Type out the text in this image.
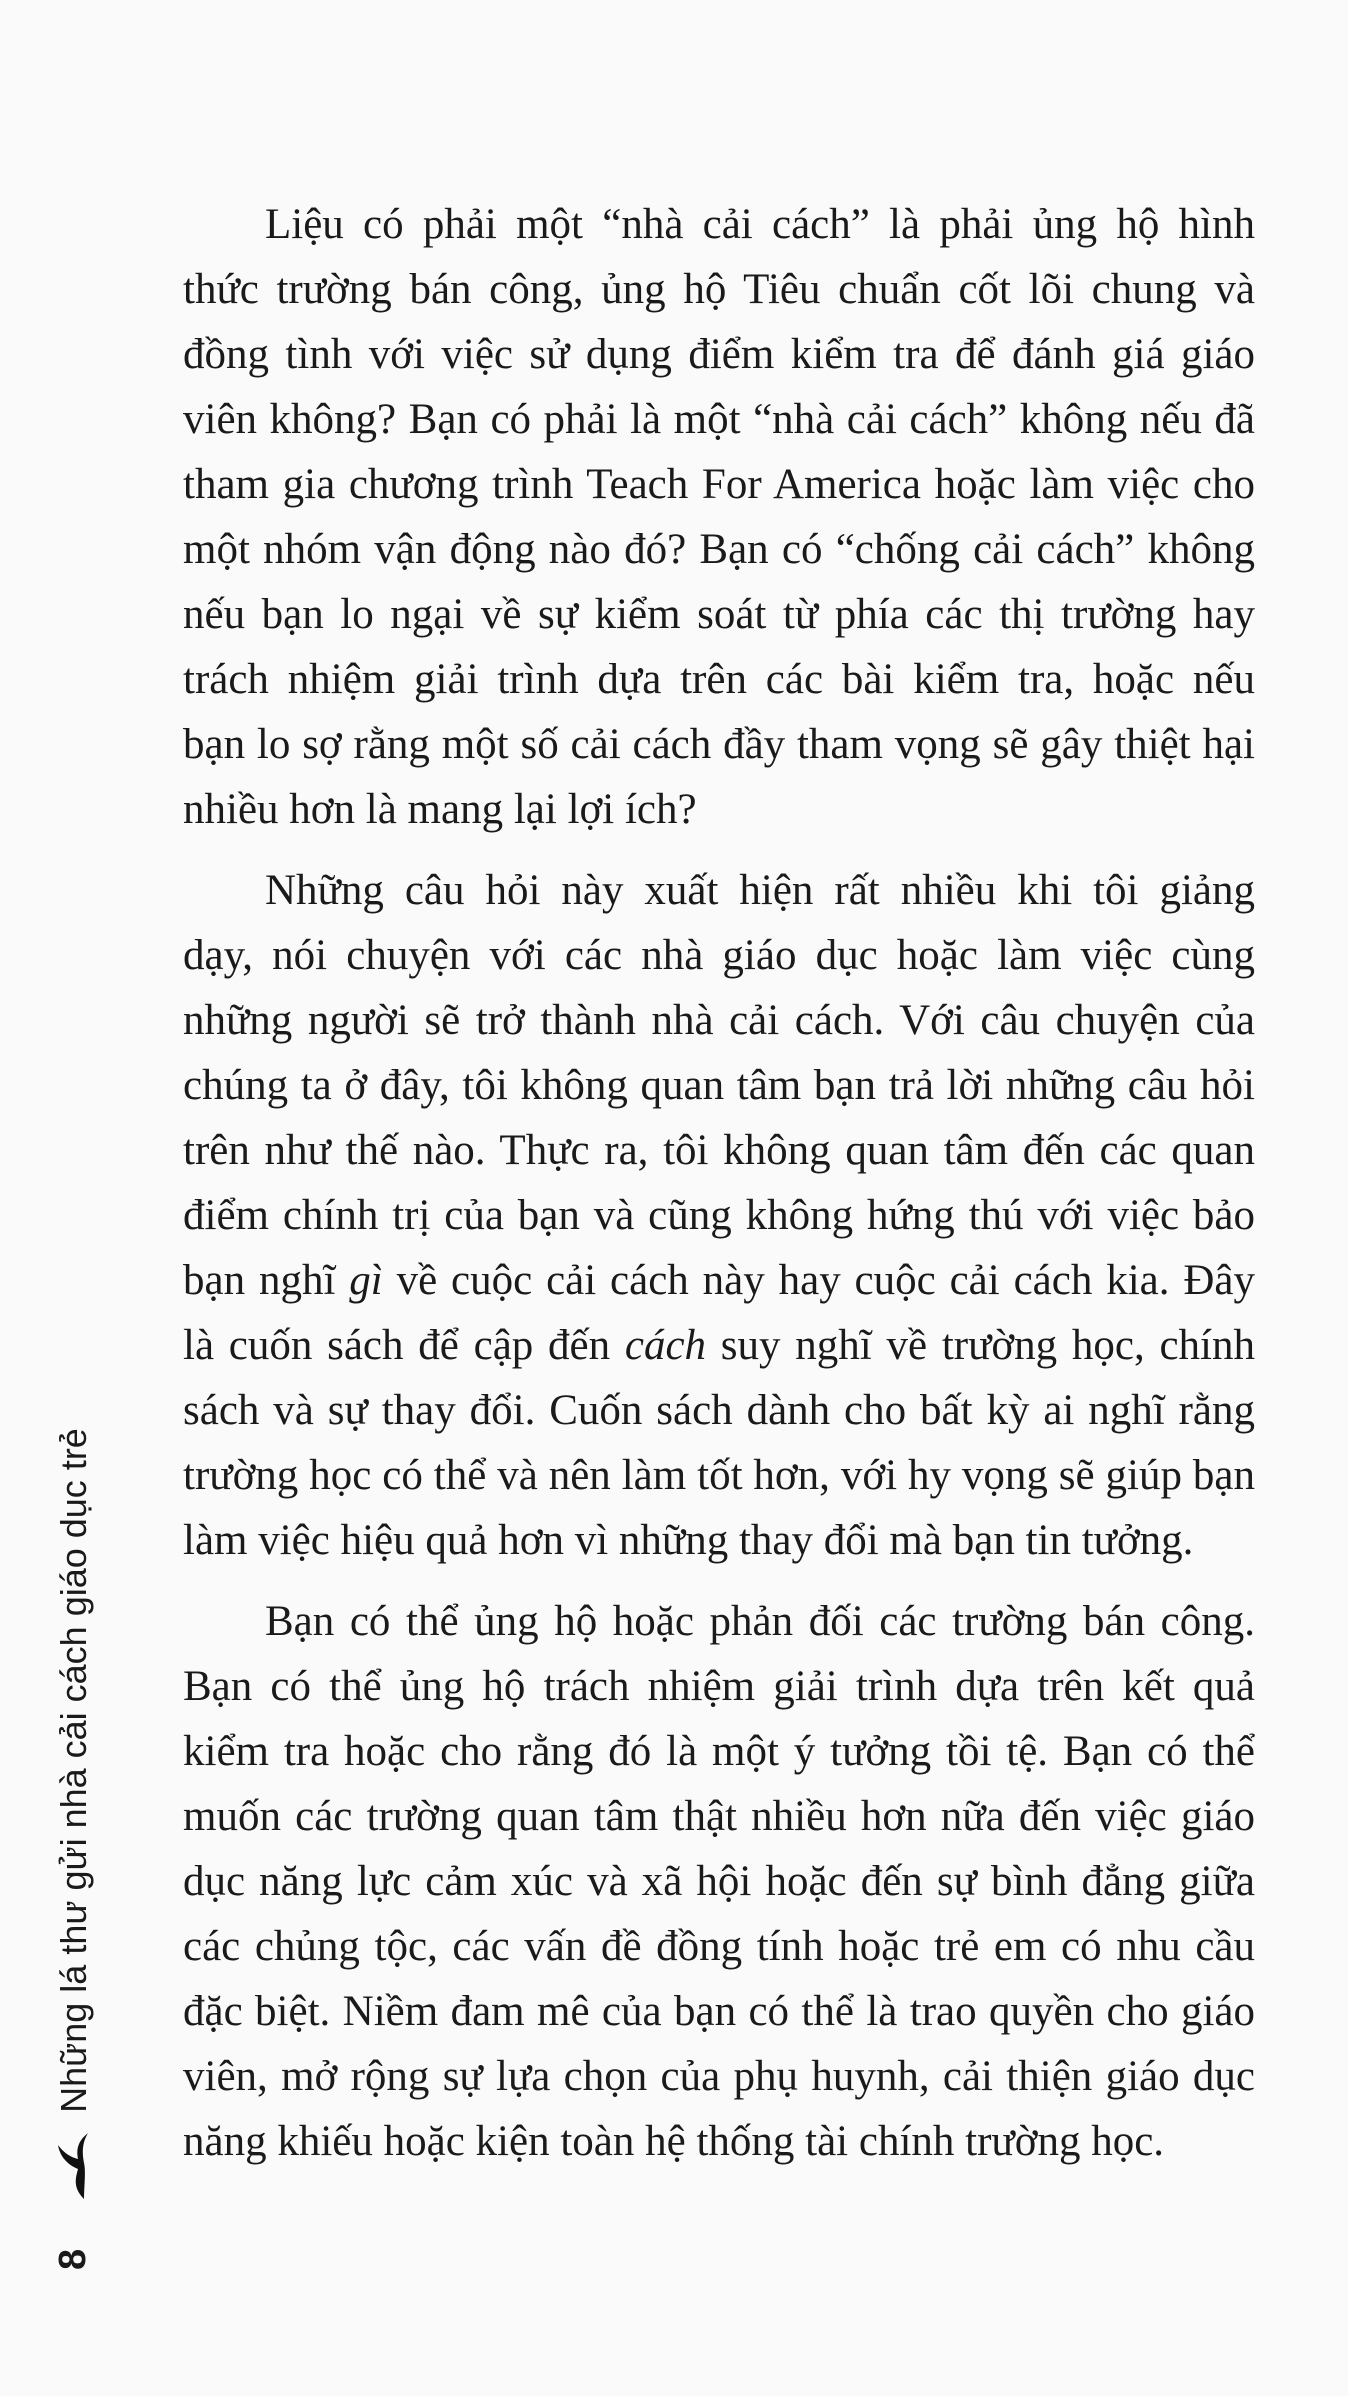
Liệu có phải một “nhà cải cách” là phải ủng hộ hình
thức trường bán công, ủng hộ Tiêu chuẩn cốt lõi chung và
đồng tình với việc sử dụng điểm kiểm tra để đánh giá giáo
viên không? Bạn có phải là một “nhà cải cách” không nếu đã
tham gia chương trình Teach For America hoặc làm việc cho
một nhóm vận động nào đó? Bạn có “chống cải cách” không
nếu bạn lo ngại về sự kiểm soát từ phía các thị trường hay
trách nhiệm giải trình dựa trên các bài kiểm tra, hoặc nếu
bạn lo sợ rằng một số cải cách đầy tham vọng sẽ gây thiệt hại
nhiều hơn là mang lại lợi ích?
Những câu hỏi này xuất hiện rất nhiều khi tôi giảng
dạy, nói chuyện với các nhà giáo dục hoặc làm việc cùng
những người sẽ trở thành nhà cải cách. Với câu chuyện của
chúng ta ở đây, tôi không quan tâm bạn trả lời những câu hỏi
trên như thế nào. Thực ra, tôi không quan tâm đến các quan
điểm chính trị của bạn và cũng không hứng thú với việc bảo
bạn nghĩ gì về cuộc cải cách này hay cuộc cải cách kia. Đây
là cuốn sách để cập đến cách suy nghĩ về trường học, chính
sách và sự thay đổi. Cuốn sách dành cho bất kỳ ai nghĩ rằng
trường học có thể và nên làm tốt hơn, với hy vọng sẽ giúp bạn
làm việc hiệu quả hơn vì những thay đổi mà bạn tin tưởng.
Bạn có thể ủng hộ hoặc phản đối các trường bán công.
Bạn có thể ủng hộ trách nhiệm giải trình dựa trên kết quả
kiểm tra hoặc cho rằng đó là một ý tưởng tồi tệ. Bạn có thể
muốn các trường quan tâm thật nhiều hơn nữa đến việc giáo
dục năng lực cảm xúc và xã hội hoặc đến sự bình đẳng giữa
các chủng tộc, các vấn đề đồng tính hoặc trẻ em có nhu cầu
đặc biệt. Niềm đam mê của bạn có thể là trao quyền cho giáo
viên, mở rộng sự lựa chọn của phụ huynh, cải thiện giáo dục
năng khiếu hoặc kiện toàn hệ thống tài chính trường học.
8
Những lá thư gửi nhà cải cách giáo dục trẻ
